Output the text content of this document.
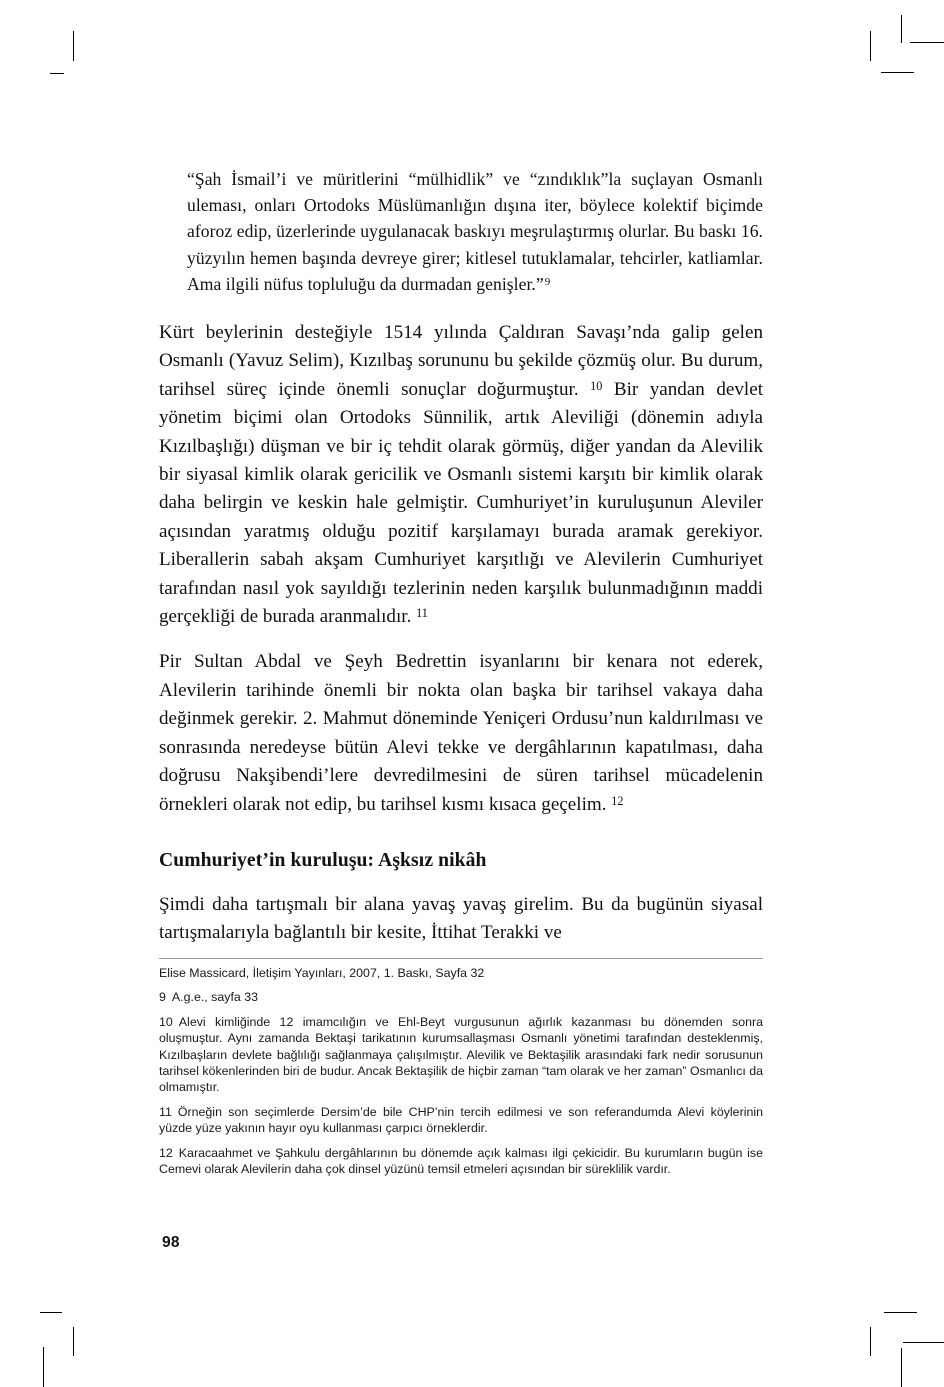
“Şah İsmail’i ve müritlerini “mülhidlik” ve “zındıklık”la suçlayan Osmanlı uleması, onları Ortodoks Müslümanlığın dışına iter, böylece kolektif biçimde aforoz edip, üzerlerinde uygulanacak baskıyı meşrulaştırmış olurlar. Bu baskı 16. yüzyılın hemen başında devreye girer; kitlesel tutuklamalar, tehcirler, katliamlar. Ama ilgili nüfus topluluğu da durmadan genişler.”$^9$

Kürt beylerinin desteğiyle 1514 yılında Çaldıran Savaşı’nda galip gelen Osmanlı (Yavuz Selim), Kızılbaş sorununu bu şekilde çözmüş olur. Bu durum, tarihsel süreç içinde önemli sonuçlar doğurmuştur. $^{10}$ Bir yandan devlet yönetim biçimi olan Ortodoks Sünnilik, artık Aleviliği (dönemin adıyla Kızılbaşlığı) düşman ve bir iç tehdit olarak görmüş, diğer yandan da Alevilik bir siyasal kimlik olarak gericilik ve Osmanlı sistemi karşıtı bir kimlik olarak daha belirgin ve keskin hale gelmiştir. Cumhuriyet’in kuruluşunun Aleviler açısından yaratmış olduğu pozitif karşılamayı burada aramak gerekiyor. Liberallerin sabah akşam Cumhuriyet karşıtlığı ve Alevilerin Cumhuriyet tarafından nasıl yok sayıldığı tezlerinin neden karşılık bulunmadığının maddi gerçekliği de burada aranmalıdır. $^{11}$

Pir Sultan Abdal ve Şeyh Bedrettin isyanlarını bir kenara not ederek, Alevilerin tarihinde önemli bir nokta olan başka bir tarihsel vakaya daha değinmek gerekir. 2. Mahmut döneminde Yeniçeri Ordusu’nun kaldırılması ve sonrasında neredeyse bütün Alevi tekke ve dergâhlarının kapatılması, daha doğrusu Nakşibendi’lere devredilmesini de süren tarihsel mücadelenin örnekleri olarak not edip, bu tarihsel kısmı kısaca geçelim. $^{12}$

Cumhuriyet’in kuruluşu: Aşksız nikâh

Şimdi daha tartışmalı bir alana yavaş yavaş girelim. Bu da bugünün siyasal tartışmalarıyla bağlantılı bir kesite, İttihat Terakki ve

Elise Massicard, İletişim Yayınları, 2007, 1. Baskı, Sayfa 32

9 A.g.e., sayfa 33

10 Alevi kimliğinde 12 imamcılığın ve Ehl-Beyt vurgusunun ağırlık kazanması bu dönemden sonra oluşmuştur. Aynı zamanda Bektaşi tarikatının kurumsallaşması Osmanlı yönetimi tarafından desteklenmiş, Kızılbaşların devlete bağlılığı sağlanmaya çalışılmıştır. Alevilik ve Bektaşilik arasındaki fark nedir sorusunun tarihsel kökenlerinden biri de budur. Ancak Bektaşilik de hiçbir zaman “tam olarak ve her zaman” Osmanlıcı da olmamıştır.

11 Örneğin son seçimlerde Dersim’de bile CHP’nin tercih edilmesi ve son referandumda Alevi köylerinin yüzde yüze yakının hayır oyu kullanması çarpıcı örneklerdir.

12 Karacaahmet ve Şahkulu dergâhlarının bu dönemde açık kalması ilgi çekicidir. Bu kurumların bugün ise Cemevi olarak Alevilerin daha çok dinsel yüzünü temsil etmeleri açısından bir süreklilik vardır.

98
